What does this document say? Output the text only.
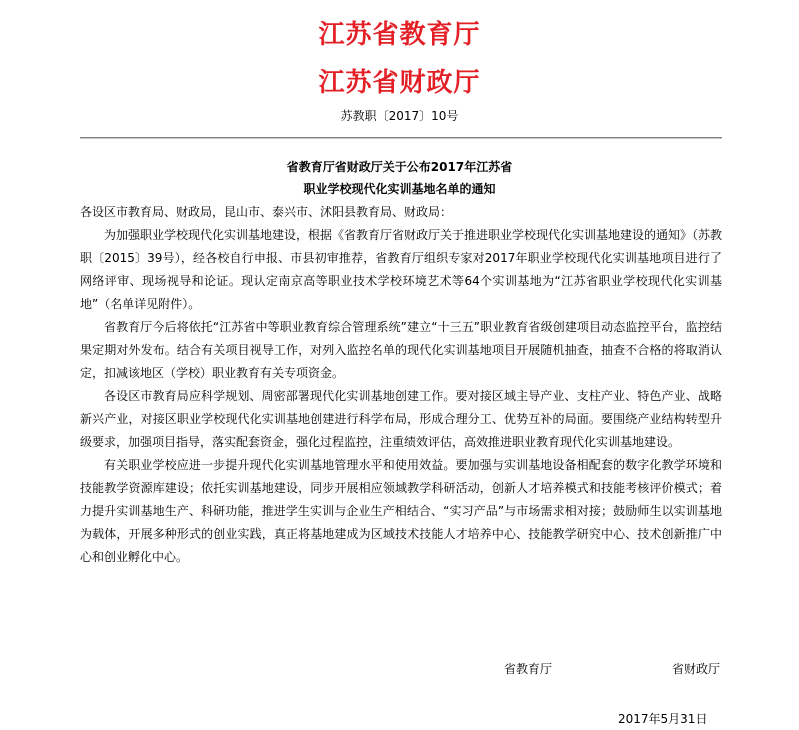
江苏省教育厅
江苏省财政厅
苏教职〔2017〕10号
省教育厅省财政厅关于公布2017年江苏省
职业学校现代化实训基地名单的通知

各设区市教育局、财政局，昆山市、泰兴市、沭阳县教育局、财政局：

为加强职业学校现代化实训基地建设，根据《省教育厅省财政厅关于推进职业学校现代化实训基地建设的通知》（苏教职〔2015〕39号），经各校自行申报、市县初审推荐，省教育厅组织专家对2017年职业学校现代化实训基地项目进行了网络评审、现场视导和论证。现认定南京高等职业技术学校环境艺术等64个实训基地为“江苏省职业学校现代化实训基地”（名单详见附件）。

省教育厅今后将依托“江苏省中等职业教育综合管理系统”建立“十三五”职业教育省级创建项目动态监控平台，监控结果定期对外发布。结合有关项目视导工作，对列入监控名单的现代化实训基地项目开展随机抽查，抽查不合格的将取消认定，扣减该地区（学校）职业教育有关专项资金。

各设区市教育局应科学规划、周密部署现代化实训基地创建工作。要对接区域主导产业、支柱产业、特色产业、战略新兴产业，对接区职业学校现代化实训基地创建进行科学布局，形成合理分工、优势互补的局面。要围绕产业结构转型升级要求，加强项目指导，落实配套资金，强化过程监控，注重绩效评估，高效推进职业教育现代化实训基地建设。

有关职业学校应进一步提升现代化实训基地管理水平和使用效益。要加强与实训基地设备相配套的数字化教学环境和技能教学资源库建设；依托实训基地建设，同步开展相应领域教学科研活动，创新人才培养模式和技能考核评价模式；着力提升实训基地生产、科研功能，推进学生实训与企业生产相结合、“实习产品”与市场需求相对接；鼓励师生以实训基地为载体，开展多种形式的创业实践，真正将基地建成为区域技术技能人才培养中心、技能教学研究中心、技术创新推广中心和创业孵化中心。

省教育厅	省财政厅
2017年5月31日
